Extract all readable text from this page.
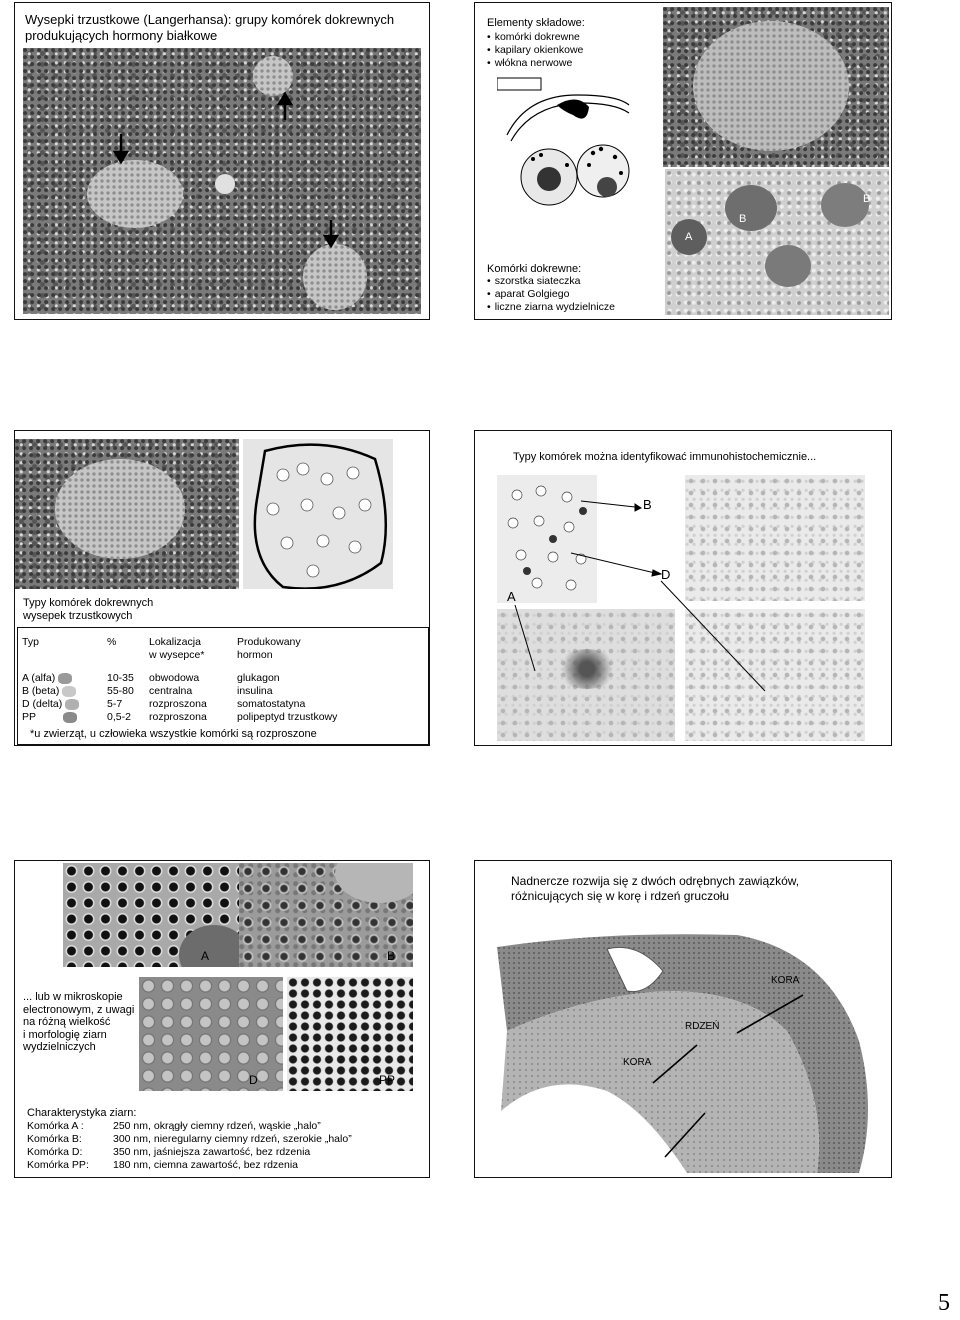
Wysepki trzustkowe (Langerhansa): grupy komórek dokrewnych
produkujących hormony białkowe
Elementy składowe:
• komórki dokrewne
• kapilary okienkowe
• włókna nerwowe
Komórki dokrewne:
• szorstka siateczka
• aparat Golgiego
• liczne ziarna wydzielnicze
A
B
B
Typy komórek dokrewnych
wysepek trzustkowych
Typ	%	Lokalizacja	Produkowany
		w wysepce*	hormon

A (alfa)	10-35	obwodowa	glukagon
B (beta)	55-80	centralna	insulina
D (delta)	5-7	rozproszona	somatostatyna
PP	0,5-2	rozproszona	polipeptyd trzustkowy
*u zwierząt, u człowieka wszystkie komórki są rozproszone
Typy komórek można identyfikować immunohistochemicznie...
B
D
A
A	B
... lub w mikroskopie
electronowym, z uwagi
na różną wielkość
i morfologię ziarn
wydzielniczych
D	PP
Charakterystyka ziarn:
Komórka A :	250 nm, okrągły ciemny rdzeń, wąskie „halo”
Komórka B:	300 nm, nieregularny ciemny rdzeń, szerokie „halo”
Komórka D:	350 nm, jaśniejsza zawartość, bez rdzenia
Komórka PP:	180 nm, ciemna zawartość, bez rdzenia
Nadnercze rozwija się z dwóch odrębnych zawiązków,
różnicujących się w korę i rdzeń gruczołu
KORA
RDZEŃ
KORA
5
